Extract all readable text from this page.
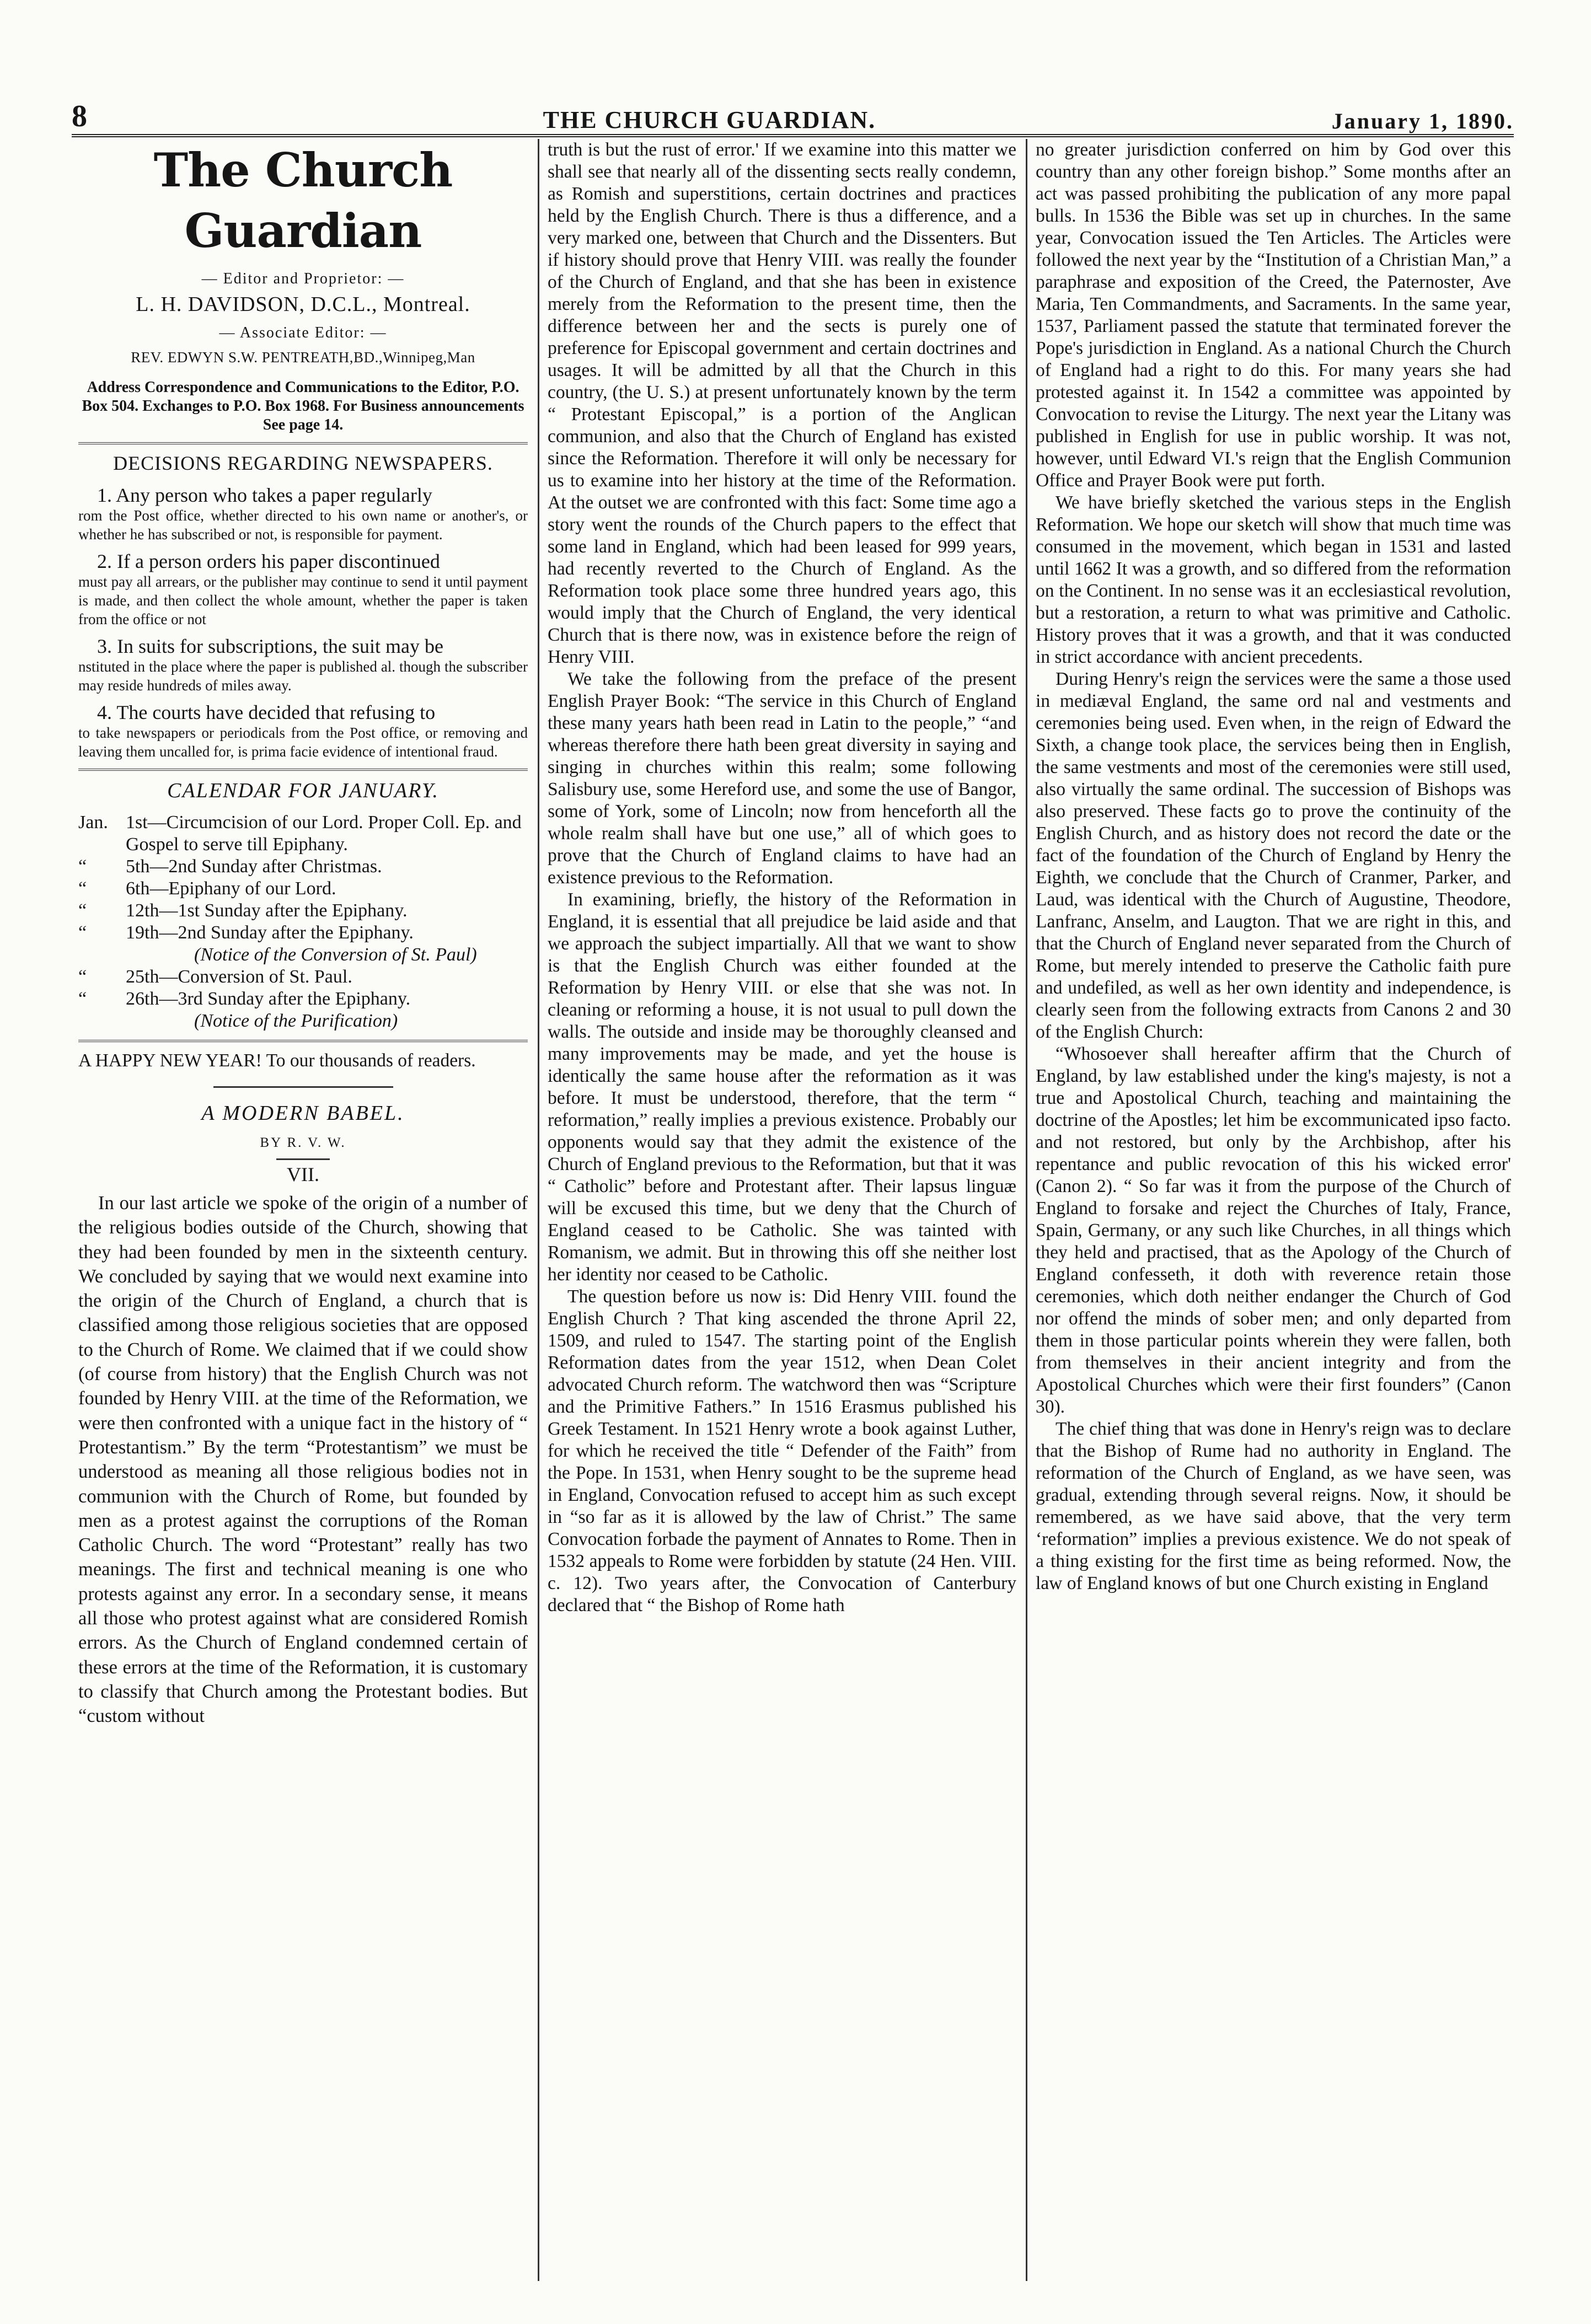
8	THE CHURCH GUARDIAN.	January 1, 1890.
The Church Guardian
— Editor and Proprietor: —
L. H. DAVIDSON, D.C.L., Montreal.
— Associate Editor: —
REV. EDWYN S.W. PENTREATH,BD.,Winnipeg,Man
Address Correspondence and Communications to the Editor, P.O. Box 504. Exchanges to P.O. Box 1968. For Business announcements See page 14.
DECISIONS REGARDING NEWSPAPERS.
1. Any person who takes a paper regularly
rom the Post office, whether directed to his own name or another's, or whether he has subscribed or not, is responsible for payment.
2. If a person orders his paper discontinued
must pay all arrears, or the publisher may continue to send it until payment is made, and then collect the whole amount, whether the paper is taken from the office or not
3. In suits for subscriptions, the suit may be
nstituted in the place where the paper is published al. though the subscriber may reside hundreds of miles away.
4. The courts have decided that refusing to
to take newspapers or periodicals from the Post office, or removing and leaving them uncalled for, is prima facie evidence of intentional fraud.
CALENDAR FOR JANUARY.
Jan. 1st—Circumcision of our Lord. Proper Coll. Ep. and Gospel to serve till Epiphany.
“	5th—2nd Sunday after Christmas.
“	6th—Epiphany of our Lord.
“	12th—1st Sunday after the Epiphany.
“	19th—2nd Sunday after the Epiphany.
(Notice of the Conversion of St. Paul)
“	25th—Conversion of St. Paul.
“	26th—3rd Sunday after the Epiphany.
(Notice of the Purification)

A HAPPY NEW YEAR! To our thousands of readers.

A MODERN BABEL.
BY R. V. W.
VII.

In our last article we spoke of the origin of a number of the religious bodies outside of the Church, showing that they had been founded by men in the sixteenth century. We concluded by saying that we would next examine into the origin of the Church of England, a church that is classified among those religious societies that are opposed to the Church of Rome. We claimed that if we could show (of course from history) that the English Church was not founded by Henry VIII. at the time of the Reformation, we were then confronted with a unique fact in the history of “ Protestantism.” By the term “Protestantism” we must be understood as meaning all those religious bodies not in communion with the Church of Rome, but founded by men as a protest against the corruptions of the Roman Catholic Church. The word “Protestant” really has two meanings. The first and technical meaning is one who protests against any error. In a secondary sense, it means all those who protest against what are considered Romish errors. As the Church of England condemned certain of these errors at the time of the Reformation, it is customary to classify that Church among the Protestant bodies. But “custom without

truth is but the rust of error.' If we examine into this matter we shall see that nearly all of the dissenting sects really condemn, as Romish and superstitions, certain doctrines and practices held by the English Church. There is thus a difference, and a very marked one, between that Church and the Dissenters. But if history should prove that Henry VIII. was really the founder of the Church of England, and that she has been in existence merely from the Reformation to the present time, then the difference between her and the sects is purely one of preference for Episcopal government and certain doctrines and usages. It will be admitted by all that the Church in this country, (the U. S.) at present unfortunately known by the term “ Protestant Episcopal,” is a portion of the Anglican communion, and also that the Church of England has existed since the Reformation. Therefore it will only be necessary for us to examine into her history at the time of the Reformation. At the outset we are confronted with this fact: Some time ago a story went the rounds of the Church papers to the effect that some land in England, which had been leased for 999 years, had recently reverted to the Church of England. As the Reformation took place some three hundred years ago, this would imply that the Church of England, the very identical Church that is there now, was in existence before the reign of Henry VIII.

We take the following from the preface of the present English Prayer Book: “The service in this Church of England these many years hath been read in Latin to the people,” “and whereas therefore there hath been great diversity in saying and singing in churches within this realm; some following Salisbury use, some Hereford use, and some the use of Bangor, some of York, some of Lincoln; now from henceforth all the whole realm shall have but one use,” all of which goes to prove that the Church of England claims to have had an existence previous to the Reformation.

In examining, briefly, the history of the Reformation in England, it is essential that all prejudice be laid aside and that we approach the subject impartially. All that we want to show is that the English Church was either founded at the Reformation by Henry VIII. or else that she was not. In cleaning or reforming a house, it is not usual to pull down the walls. The outside and inside may be thoroughly cleansed and many improvements may be made, and yet the house is identically the same house after the reformation as it was before. It must be understood, therefore, that the term “ reformation,” really implies a previous existence. Probably our opponents would say that they admit the existence of the Church of England previous to the Reformation, but that it was “ Catholic” before and Protestant after. Their lapsus linguæ will be excused this time, but we deny that the Church of England ceased to be Catholic. She was tainted with Romanism, we admit. But in throwing this off she neither lost her identity nor ceased to be Catholic.

The question before us now is: Did Henry VIII. found the English Church ? That king ascended the throne April 22, 1509, and ruled to 1547. The starting point of the English Reformation dates from the year 1512, when Dean Colet advocated Church reform. The watchword then was “Scripture and the Primitive Fathers.” In 1516 Erasmus published his Greek Testament. In 1521 Henry wrote a book against Luther, for which he received the title “ Defender of the Faith” from the Pope. In 1531, when Henry sought to be the supreme head in England, Convocation refused to accept him as such except in “so far as it is allowed by the law of Christ.” The same Convocation forbade the payment of Annates to Rome. Then in 1532 appeals to Rome were forbidden by statute (24 Hen. VIII. c. 12). Two years after, the Convocation of Canterbury declared that “ the Bishop of Rome hath

no greater jurisdiction conferred on him by God over this country than any other foreign bishop.” Some months after an act was passed prohibiting the publication of any more papal bulls. In 1536 the Bible was set up in churches. In the same year, Convocation issued the Ten Articles. The Articles were followed the next year by the “Institution of a Christian Man,” a paraphrase and exposition of the Creed, the Paternoster, Ave Maria, Ten Commandments, and Sacraments. In the same year, 1537, Parliament passed the statute that terminated forever the Pope's jurisdiction in England. As a national Church the Church of England had a right to do this. For many years she had protested against it. In 1542 a committee was appointed by Convocation to revise the Liturgy. The next year the Litany was published in English for use in public worship. It was not, however, until Edward VI.'s reign that the English Communion Office and Prayer Book were put forth.

We have briefly sketched the various steps in the English Reformation. We hope our sketch will show that much time was consumed in the movement, which began in 1531 and lasted until 1662 It was a growth, and so differed from the reformation on the Continent. In no sense was it an ecclesiastical revolution, but a restoration, a return to what was primitive and Catholic. History proves that it was a growth, and that it was conducted in strict accordance with ancient precedents.

During Henry's reign the services were the same a those used in mediæval England, the same ord nal and vestments and ceremonies being used. Even when, in the reign of Edward the Sixth, a change took place, the services being then in English, the same vestments and most of the ceremonies were still used, also virtually the same ordinal. The succession of Bishops was also preserved. These facts go to prove the continuity of the English Church, and as history does not record the date or the fact of the foundation of the Church of England by Henry the Eighth, we conclude that the Church of Cranmer, Parker, and Laud, was identical with the Church of Augustine, Theodore, Lanfranc, Anselm, and Laugton. That we are right in this, and that the Church of England never separated from the Church of Rome, but merely intended to preserve the Catholic faith pure and undefiled, as well as her own identity and independence, is clearly seen from the following extracts from Canons 2 and 30 of the English Church:

“Whosoever shall hereafter affirm that the Church of England, by law established under the king's majesty, is not a true and Apostolical Church, teaching and maintaining the doctrine of the Apostles; let him be excommunicated ipso facto. and not restored, but only by the Archbishop, after his repentance and public revocation of this his wicked error' (Canon 2). “ So far was it from the purpose of the Church of England to forsake and reject the Churches of Italy, France, Spain, Germany, or any such like Churches, in all things which they held and practised, that as the Apology of the Church of England confesseth, it doth with reverence retain those ceremonies, which doth neither endanger the Church of God nor offend the minds of sober men; and only departed from them in those particular points wherein they were fallen, both from themselves in their ancient integrity and from the Apostolical Churches which were their first founders” (Canon 30).

The chief thing that was done in Henry's reign was to declare that the Bishop of Rume had no authority in England. The reformation of the Church of England, as we have seen, was gradual, extending through several reigns. Now, it should be remembered, as we have said above, that the very term ‘reformation” implies a previous existence. We do not speak of a thing existing for the first time as being reformed. Now, the law of England knows of but one Church existing in England
